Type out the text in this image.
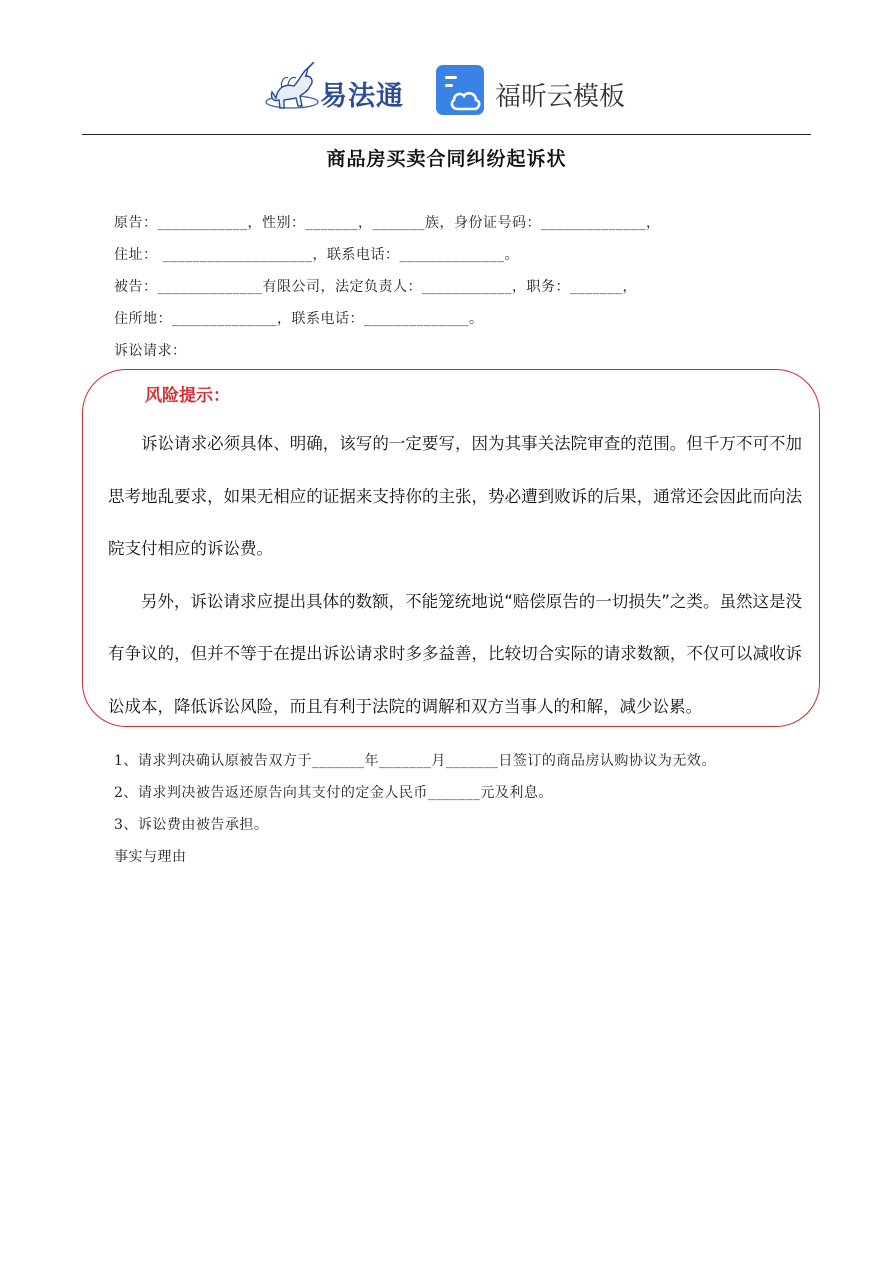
易法通	福昕云模板
商品房买卖合同纠纷起诉状
原告：____________，性别：_______，_______族，身份证号码：______________，
住址： ____________________，联系电话：______________。
被告：______________有限公司，法定负责人：____________，职务：_______，
住所地：______________，联系电话：______________。
诉讼请求：
风险提示：

诉讼请求必须具体、明确，该写的一定要写，因为其事关法院审查的范围。但千万不可不加思考地乱要求，如果无相应的证据来支持你的主张，势必遭到败诉的后果，通常还会因此而向法院支付相应的诉讼费。

另外，诉讼请求应提出具体的数额，不能笼统地说“赔偿原告的一切损失”之类。虽然这是没有争议的，但并不等于在提出诉讼请求时多多益善，比较切合实际的请求数额，不仅可以减收诉讼成本，降低诉讼风险，而且有利于法院的调解和双方当事人的和解，减少讼累。

1、请求判决确认原被告双方于_______年_______月_______日签订的商品房认购协议为无效。
2、请求判决被告返还原告向其支付的定金人民币_______元及利息。
3、诉讼费由被告承担。
事实与理由
